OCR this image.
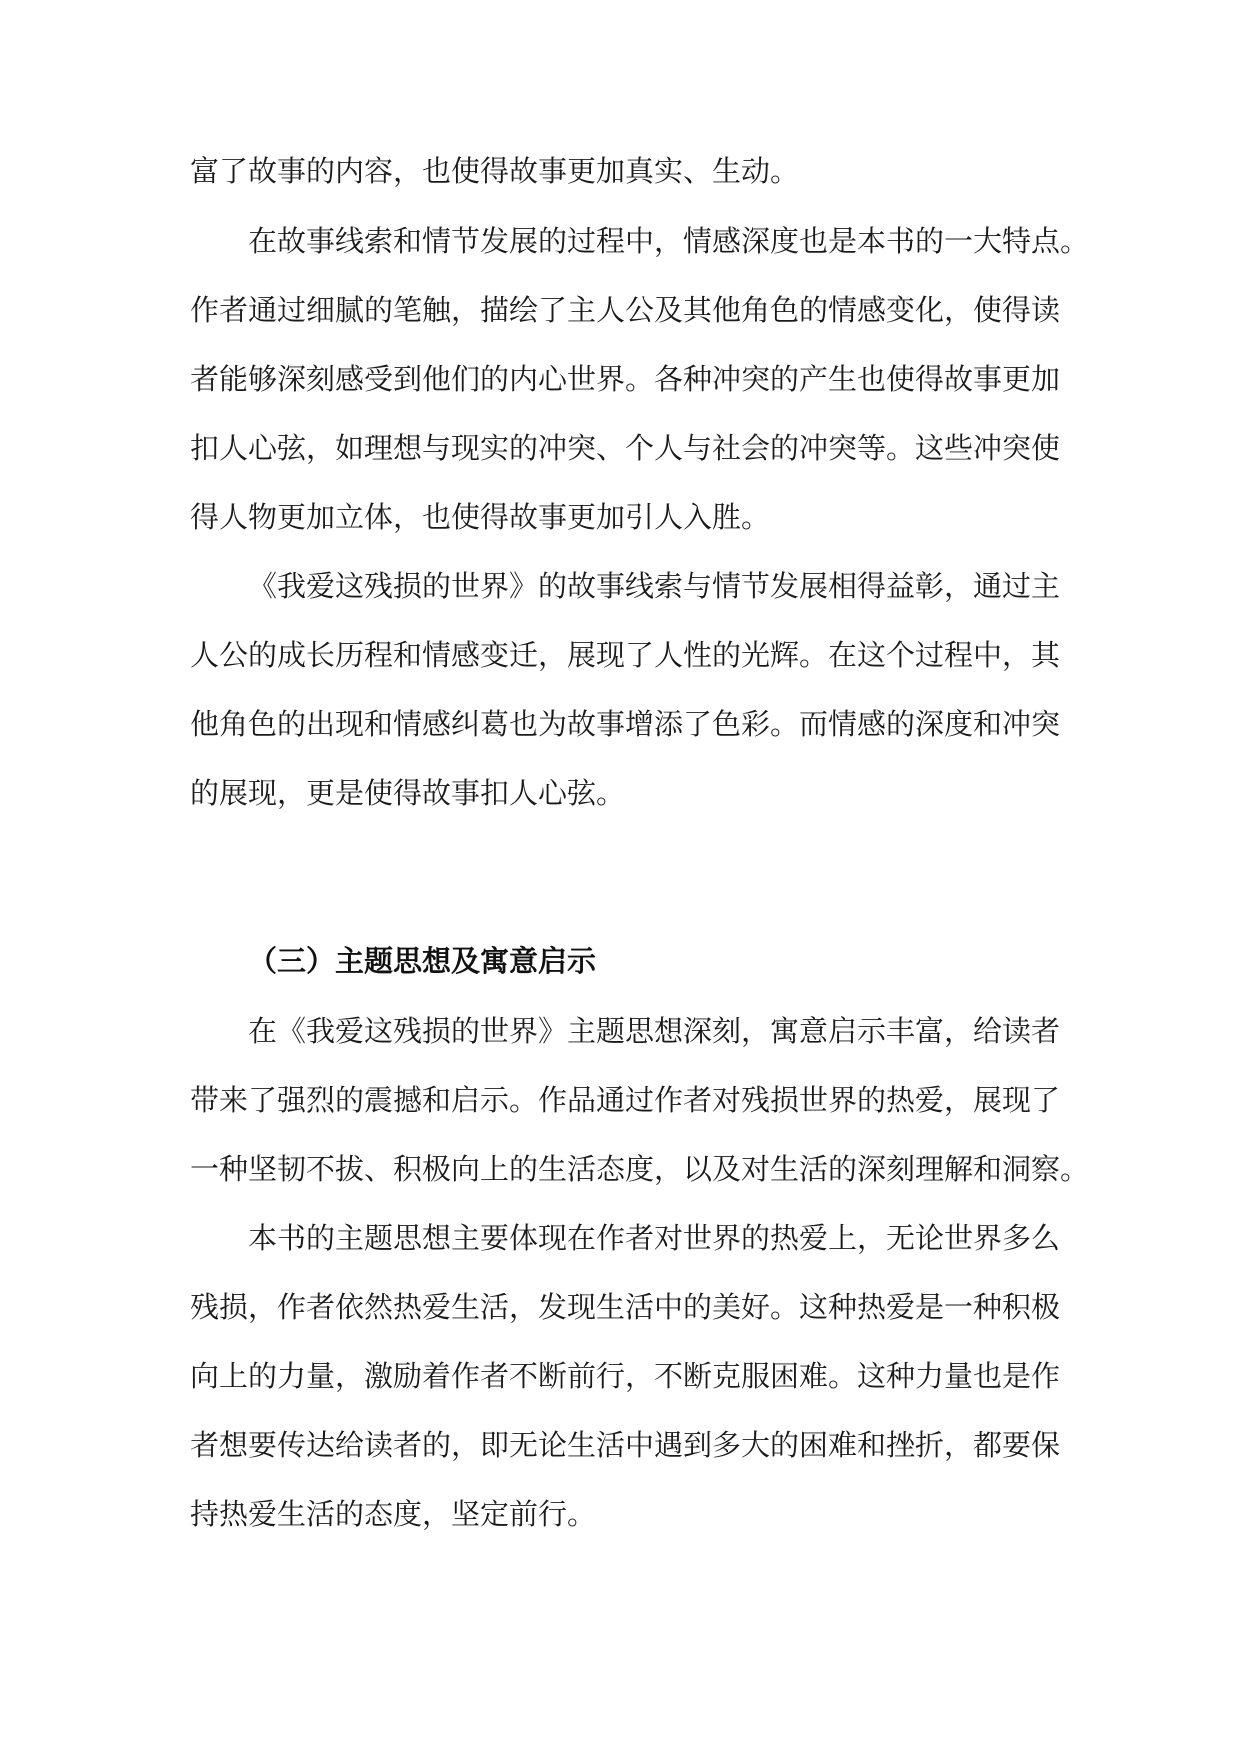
富了故事的内容，也使得故事更加真实、生动。
在故事线索和情节发展的过程中，情感深度也是本书的一大特点。
作者通过细腻的笔触，描绘了主人公及其他角色的情感变化，使得读
者能够深刻感受到他们的内心世界。各种冲突的产生也使得故事更加
扣人心弦，如理想与现实的冲突、个人与社会的冲突等。这些冲突使
得人物更加立体，也使得故事更加引人入胜。
《我爱这残损的世界》的故事线索与情节发展相得益彰，通过主
人公的成长历程和情感变迁，展现了人性的光辉。在这个过程中，其
他角色的出现和情感纠葛也为故事增添了色彩。而情感的深度和冲突
的展现，更是使得故事扣人心弦。
（三）主题思想及寓意启示
在《我爱这残损的世界》主题思想深刻，寓意启示丰富，给读者
带来了强烈的震撼和启示。作品通过作者对残损世界的热爱，展现了
一种坚韧不拔、积极向上的生活态度，以及对生活的深刻理解和洞察。
本书的主题思想主要体现在作者对世界的热爱上，无论世界多么
残损，作者依然热爱生活，发现生活中的美好。这种热爱是一种积极
向上的力量，激励着作者不断前行，不断克服困难。这种力量也是作
者想要传达给读者的，即无论生活中遇到多大的困难和挫折，都要保
持热爱生活的态度，坚定前行。
